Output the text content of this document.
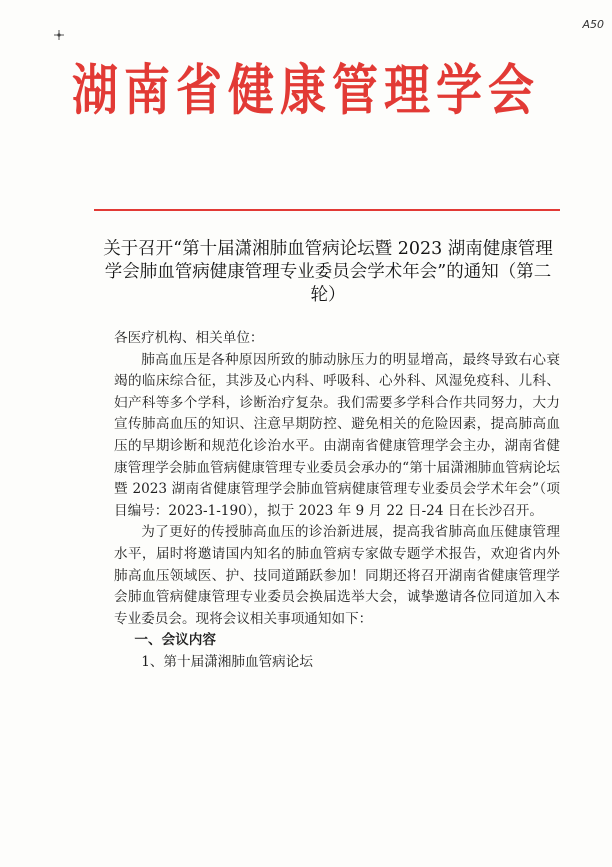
A50
湖南省健康管理学会
关于召开“第十届潇湘肺血管病论坛暨 2023 湖南健康管理学会肺血管病健康管理专业委员会学术年会”的通知（第二轮）

各医疗机构、相关单位：

肺高血压是各种原因所致的肺动脉压力的明显增高，最终导致右心衰竭的临床综合征，其涉及心内科、呼吸科、心外科、风湿免疫科、儿科、妇产科等多个学科，诊断治疗复杂。我们需要多学科合作共同努力，大力宣传肺高血压的知识、注意早期防控、避免相关的危险因素，提高肺高血压的早期诊断和规范化诊治水平。由湖南省健康管理学会主办，湖南省健康管理学会肺血管病健康管理专业委员会承办的“第十届潇湘肺血管病论坛暨 2023 湖南省健康管理学会肺血管病健康管理专业委员会学术年会”（项目编号：2023-1-190），拟于 2023 年 9 月 22 日-24 日在长沙召开。

为了更好的传授肺高血压的诊治新进展，提高我省肺高血压健康管理水平，届时将邀请国内知名的肺血管病专家做专题学术报告，欢迎省内外肺高血压领域医、护、技同道踊跃参加！同期还将召开湖南省健康管理学会肺血管病健康管理专业委员会换届选举大会，诚挚邀请各位同道加入本专业委员会。现将会议相关事项通知如下：

一、会议内容

1、第十届潇湘肺血管病论坛
